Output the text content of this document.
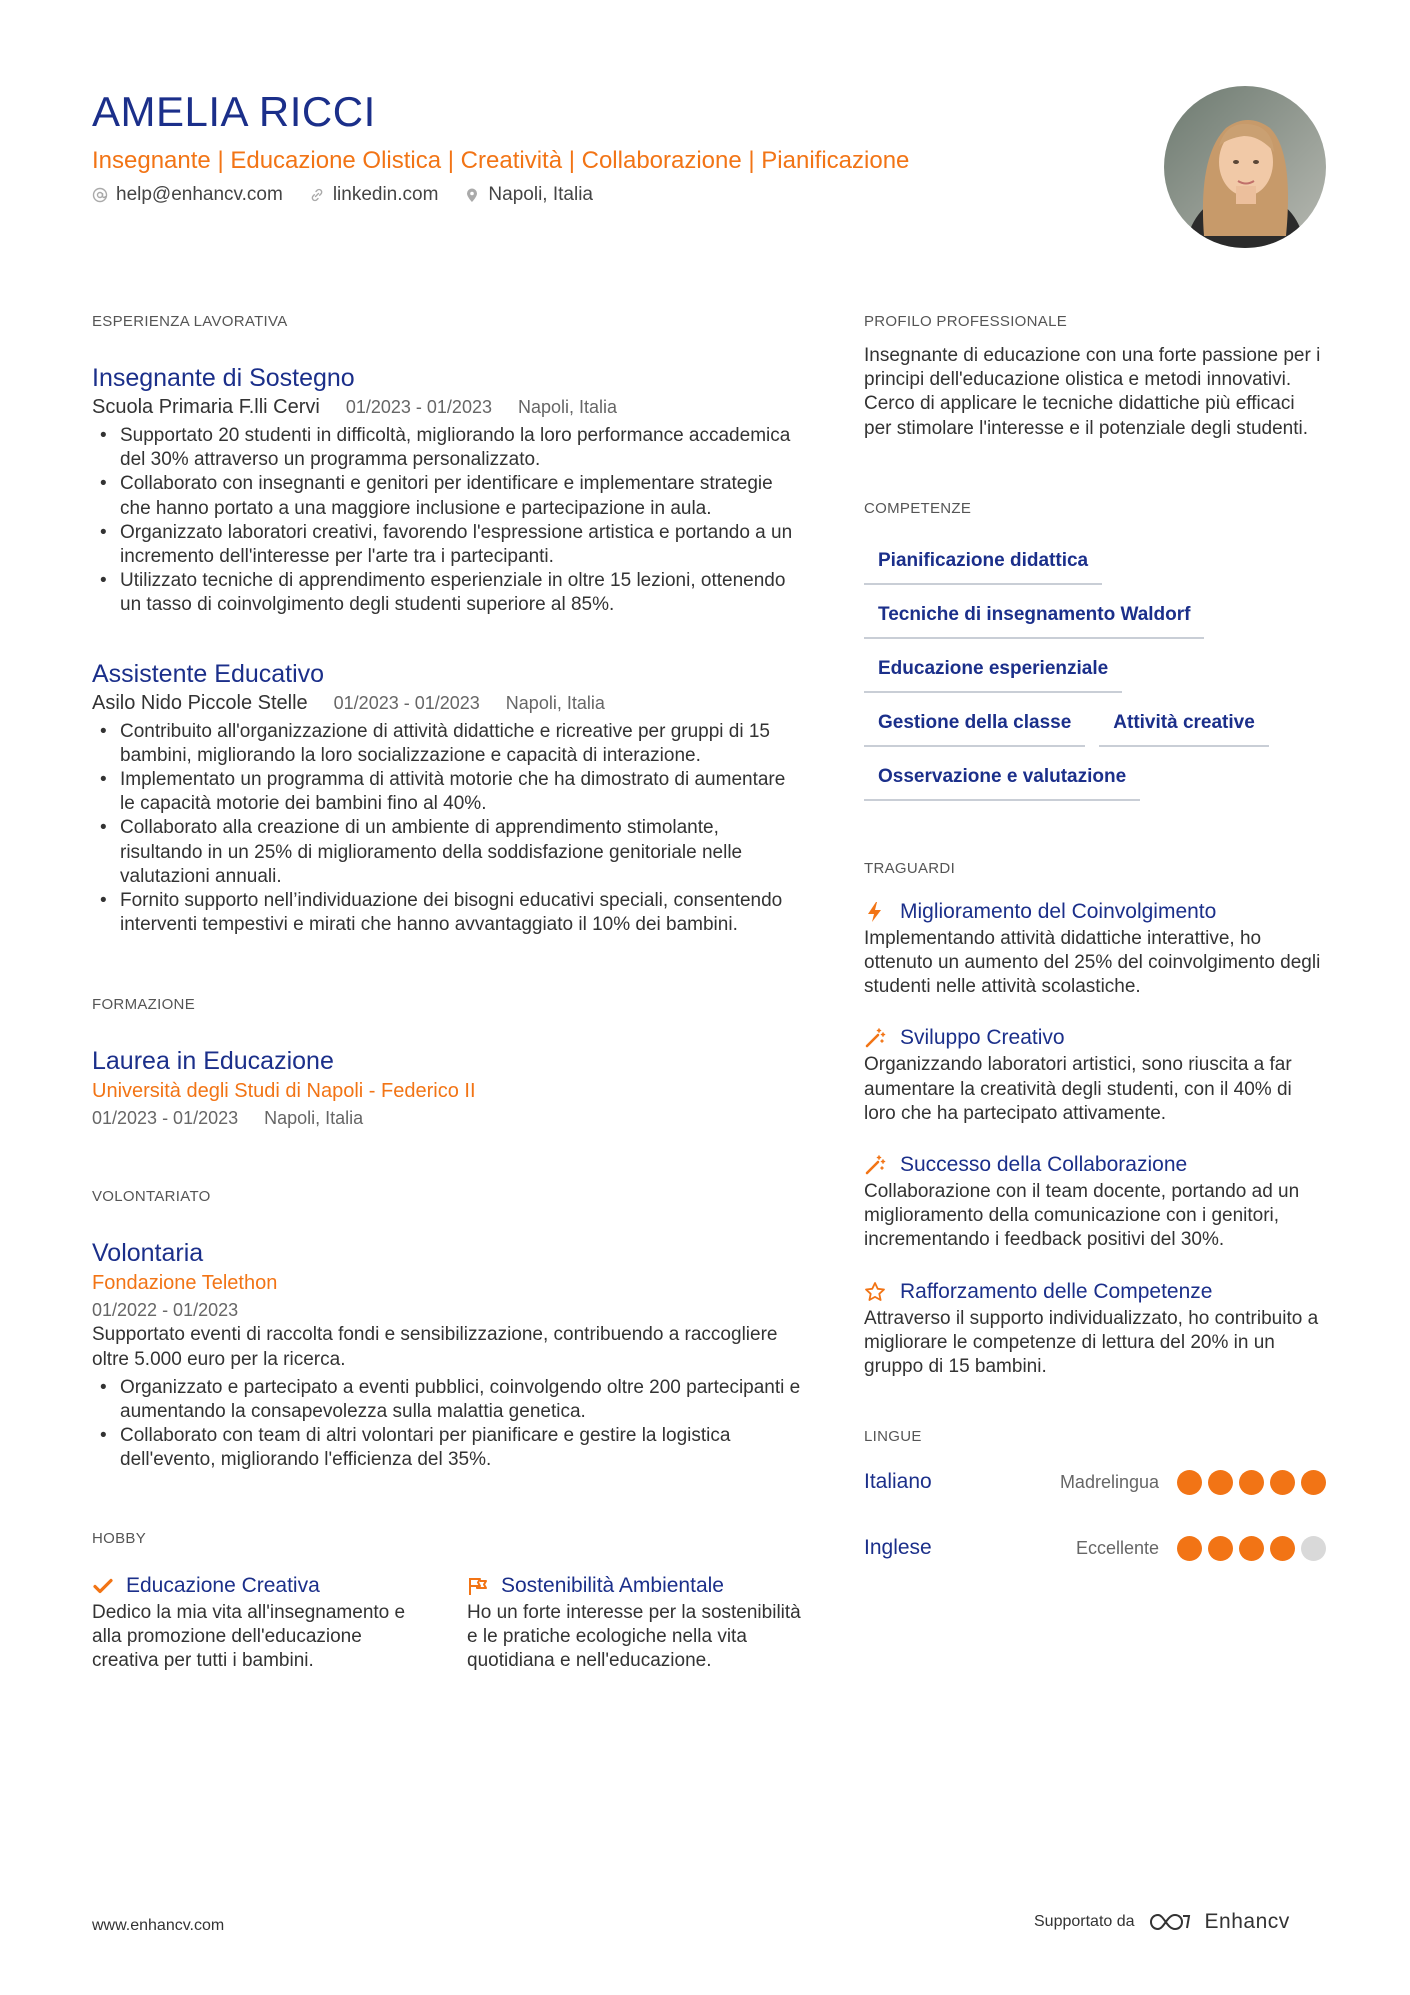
AMELIA RICCI
Insegnante | Educazione Olistica | Creatività | Collaborazione | Pianificazione
help@enhancv.com	linkedin.com	Napoli, Italia
ESPERIENZA LAVORATIVA
Insegnante di Sostegno
Scuola Primaria F.lli Cervi 01/2023 - 01/2023 Napoli, Italia
• Supportato 20 studenti in difficoltà, migliorando la loro performance accademica del 30% attraverso un programma personalizzato.
• Collaborato con insegnanti e genitori per identificare e implementare strategie che hanno portato a una maggiore inclusione e partecipazione in aula.
• Organizzato laboratori creativi, favorendo l'espressione artistica e portando a un incremento dell'interesse per l'arte tra i partecipanti.
• Utilizzato tecniche di apprendimento esperienziale in oltre 15 lezioni, ottenendo un tasso di coinvolgimento degli studenti superiore al 85%.
Assistente Educativo
Asilo Nido Piccole Stelle 01/2023 - 01/2023 Napoli, Italia
• Contribuito all'organizzazione di attività didattiche e ricreative per gruppi di 15 bambini, migliorando la loro socializzazione e capacità di interazione.
• Implementato un programma di attività motorie che ha dimostrato di aumentare le capacità motorie dei bambini fino al 40%.
• Collaborato alla creazione di un ambiente di apprendimento stimolante, risultando in un 25% di miglioramento della soddisfazione genitoriale nelle valutazioni annuali.
• Fornito supporto nell’individuazione dei bisogni educativi speciali, consentendo interventi tempestivi e mirati che hanno avvantaggiato il 10% dei bambini.
FORMAZIONE
Laurea in Educazione
Università degli Studi di Napoli - Federico II
01/2023 - 01/2023 Napoli, Italia
VOLONTARIATO
Volontaria
Fondazione Telethon
01/2022 - 01/2023
Supportato eventi di raccolta fondi e sensibilizzazione, contribuendo a raccogliere oltre 5.000 euro per la ricerca.
• Organizzato e partecipato a eventi pubblici, coinvolgendo oltre 200 partecipanti e aumentando la consapevolezza sulla malattia genetica.
• Collaborato con team di altri volontari per pianificare e gestire la logistica dell'evento, migliorando l'efficienza del 35%.
HOBBY
Educazione Creativa
Dedico la mia vita all'insegnamento e alla promozione dell'educazione creativa per tutti i bambini.
Sostenibilità Ambientale
Ho un forte interesse per la sostenibilità e le pratiche ecologiche nella vita quotidiana e nell'educazione.
PROFILO PROFESSIONALE
Insegnante di educazione con una forte passione per i principi dell'educazione olistica e metodi innovativi. Cerco di applicare le tecniche didattiche più efficaci per stimolare l'interesse e il potenziale degli studenti.
COMPETENZE
Pianificazione didattica
Tecniche di insegnamento Waldorf
Educazione esperienziale
Gestione della classe	Attività creative
Osservazione e valutazione
TRAGUARDI
Miglioramento del Coinvolgimento
Implementando attività didattiche interattive, ho ottenuto un aumento del 25% del coinvolgimento degli studenti nelle attività scolastiche.
Sviluppo Creativo
Organizzando laboratori artistici, sono riuscita a far aumentare la creatività degli studenti, con il 40% di loro che ha partecipato attivamente.
Successo della Collaborazione
Collaborazione con il team docente, portando ad un miglioramento della comunicazione con i genitori, incrementando i feedback positivi del 30%.
Rafforzamento delle Competenze
Attraverso il supporto individualizzato, ho contribuito a migliorare le competenze di lettura del 20% in un gruppo di 15 bambini.
LINGUE
Italiano	Madrelingua
Inglese	Eccellente
www.enhancv.com	Supportato da	Enhancv
